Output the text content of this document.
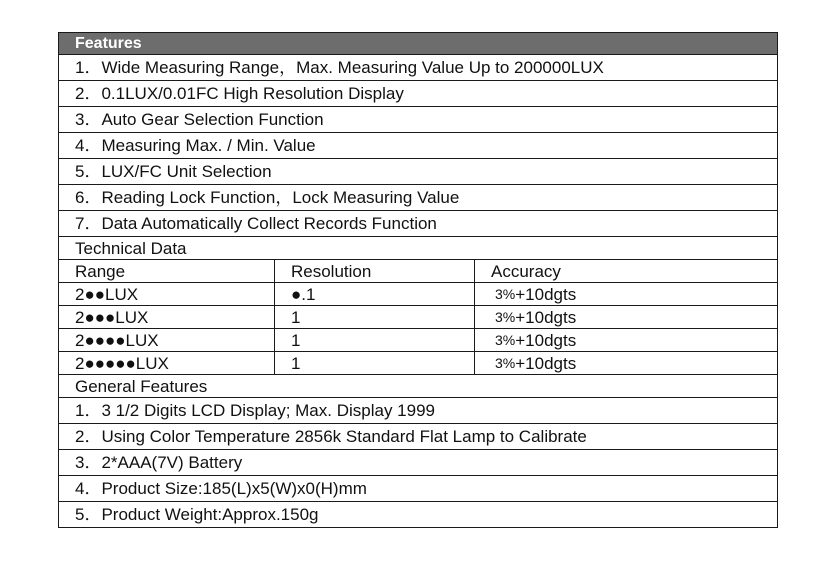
Features
1．Wide Measuring Range，Max. Measuring Value Up to 200000LUX
2．0.1LUX/0.01FC High Resolution Display
3．Auto Gear Selection Function
4．Measuring Max. / Min. Value
5．LUX/FC Unit Selection
6．Reading Lock Function，Lock Measuring Value
7．Data Automatically Collect Records Function
Technical Data
Range	Resolution	Accuracy
2●●LUX	●.1	3% +10dgts
2●●●LUX	1	3% +10dgts
2●●●●LUX	1	3% +10dgts
2●●●●●LUX	1	3% +10dgts
General Features
1．3 1/2 Digits LCD Display; Max. Display 1999
2．Using Color Temperature 2856k Standard Flat Lamp to Calibrate
3．2*AAA(7V) Battery
4．Product Size:185(L)x5(W)x0(H)mm
5．Product Weight:Approx.150g
